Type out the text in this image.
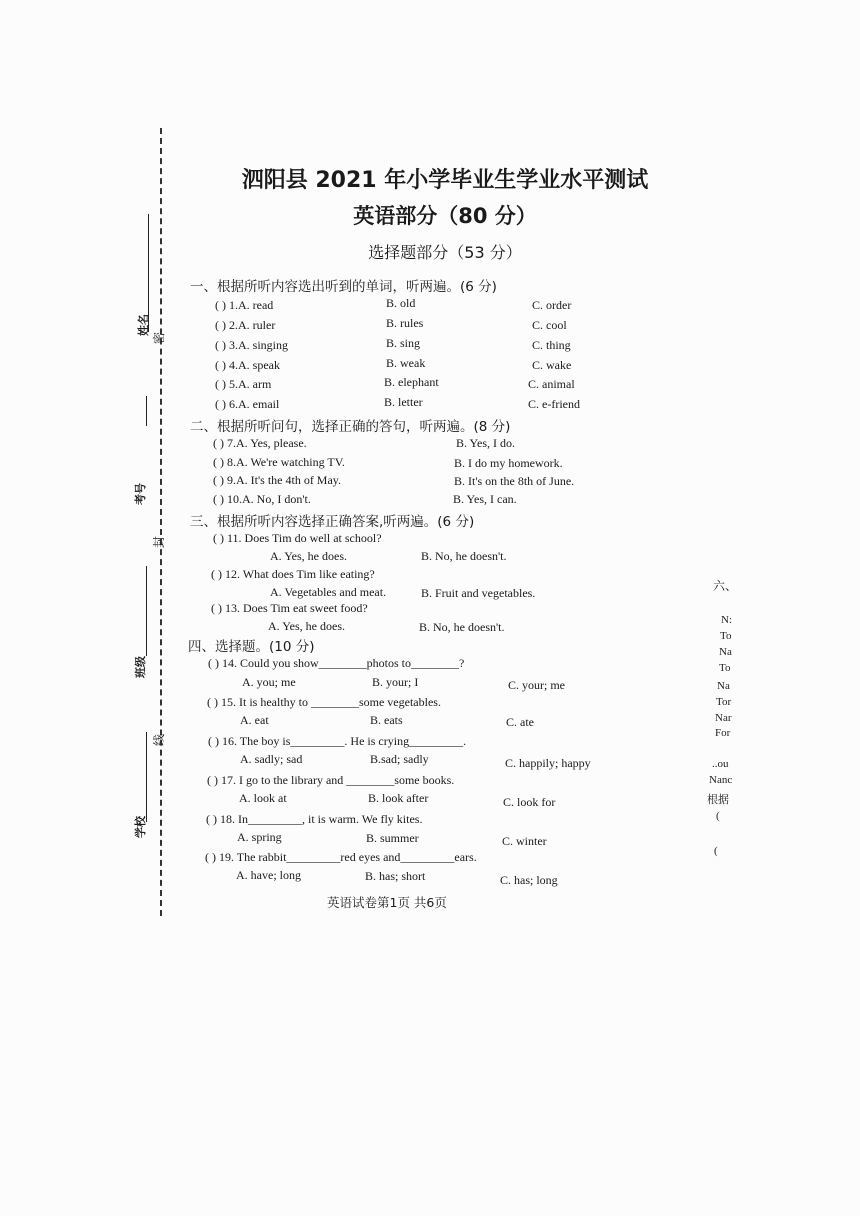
姓名
密
考号
封
班级
线
学校
泗阳县 2021 年小学毕业生学业水平测试
英语部分（80 分）
选择题部分（53 分）
一、根据所听内容选出听到的单词，听两遍。(6 分)
( ) 1.A. read	B. old	C. order
( ) 2.A. ruler	B. rules	C. cool
( ) 3.A. singing	B. sing	C. thing
( ) 4.A. speak	B. weak	C. wake
( ) 5.A. arm	B. elephant	C. animal
( ) 6.A. email	B. letter	C. e-friend
二、根据所听问句，选择正确的答句，听两遍。(8 分)
( ) 7.A. Yes, please.	B. Yes, I do.
( ) 8.A. We're watching TV.	B. I do my homework.
( ) 9.A. It's the 4th of May.	B. It's on the 8th of June.
( ) 10.A. No, I don't.	B. Yes, I can.
三、根据所听内容选择正确答案,听两遍。(6 分)
( ) 11. Does Tim do well at school?
A. Yes, he does.	B. No, he doesn't.
( ) 12. What does Tim like eating?
A. Vegetables and meat.	B. Fruit and vegetables.
( ) 13. Does Tim eat sweet food?
A. Yes, he does.	B. No, he doesn't.
四、选择题。(10 分)
( ) 14. Could you show________photos to________?
A. you; me	B. your; I	C. your; me
( ) 15. It is healthy to ________some vegetables.
A. eat	B. eats	C. ate
( ) 16. The boy is_________. He is crying_________.
A. sadly; sad	B.sad; sadly	C. happily; happy
( ) 17. I go to the library and ________some books.
A. look at	B. look after	C. look for
( ) 18. In_________, it is warm. We fly kites.
A. spring	B. summer	C. winter
( ) 19. The rabbit_________red eyes and_________ears.
A. have; long	B. has; short	C. has; long
英语试卷第1页 共6页
六、
N:
To
Na
To
Na
Tor
Nar
For
..ou
Nanc
根据
(
(
